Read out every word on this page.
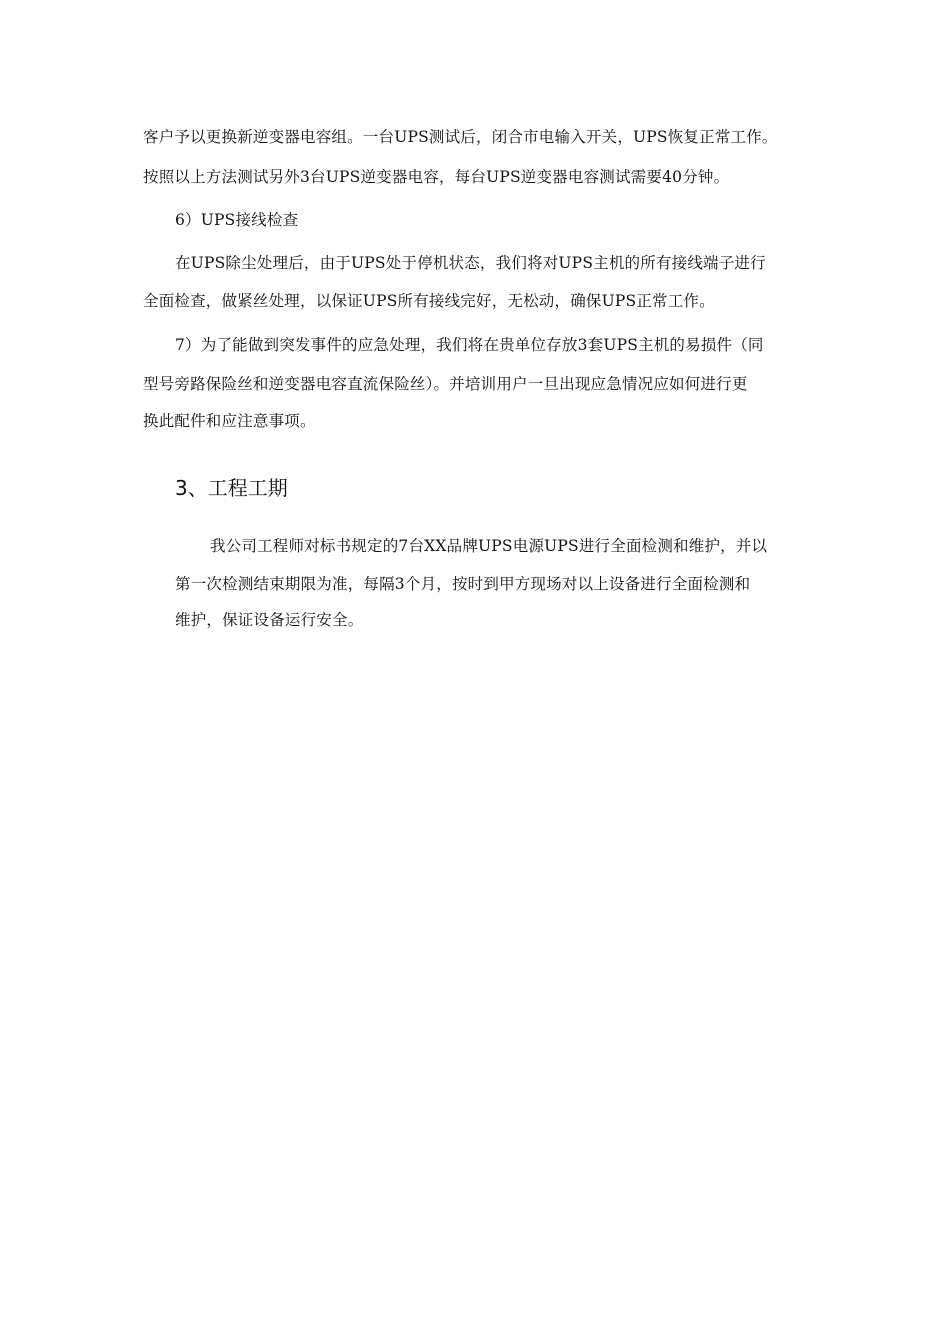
客户予以更换新逆变器电容组。一台UPS测试后，闭合市电输入开关，UPS恢复正常工作。
按照以上方法测试另外3台UPS逆变器电容，每台UPS逆变器电容测试需要40分钟。
6）UPS接线检查
在UPS除尘处理后，由于UPS处于停机状态，我们将对UPS主机的所有接线端子进行
全面检查，做紧丝处理，以保证UPS所有接线完好，无松动，确保UPS正常工作。
7）为了能做到突发事件的应急处理，我们将在贵单位存放3套UPS主机的易损件（同
型号旁路保险丝和逆变器电容直流保险丝）。并培训用户一旦出现应急情况应如何进行更
换此配件和应注意事项。
3、工程工期
我公司工程师对标书规定的7台XX品牌UPS电源UPS进行全面检测和维护，并以
第一次检测结束期限为准，每隔3个月，按时到甲方现场对以上设备进行全面检测和
维护，保证设备运行安全。
